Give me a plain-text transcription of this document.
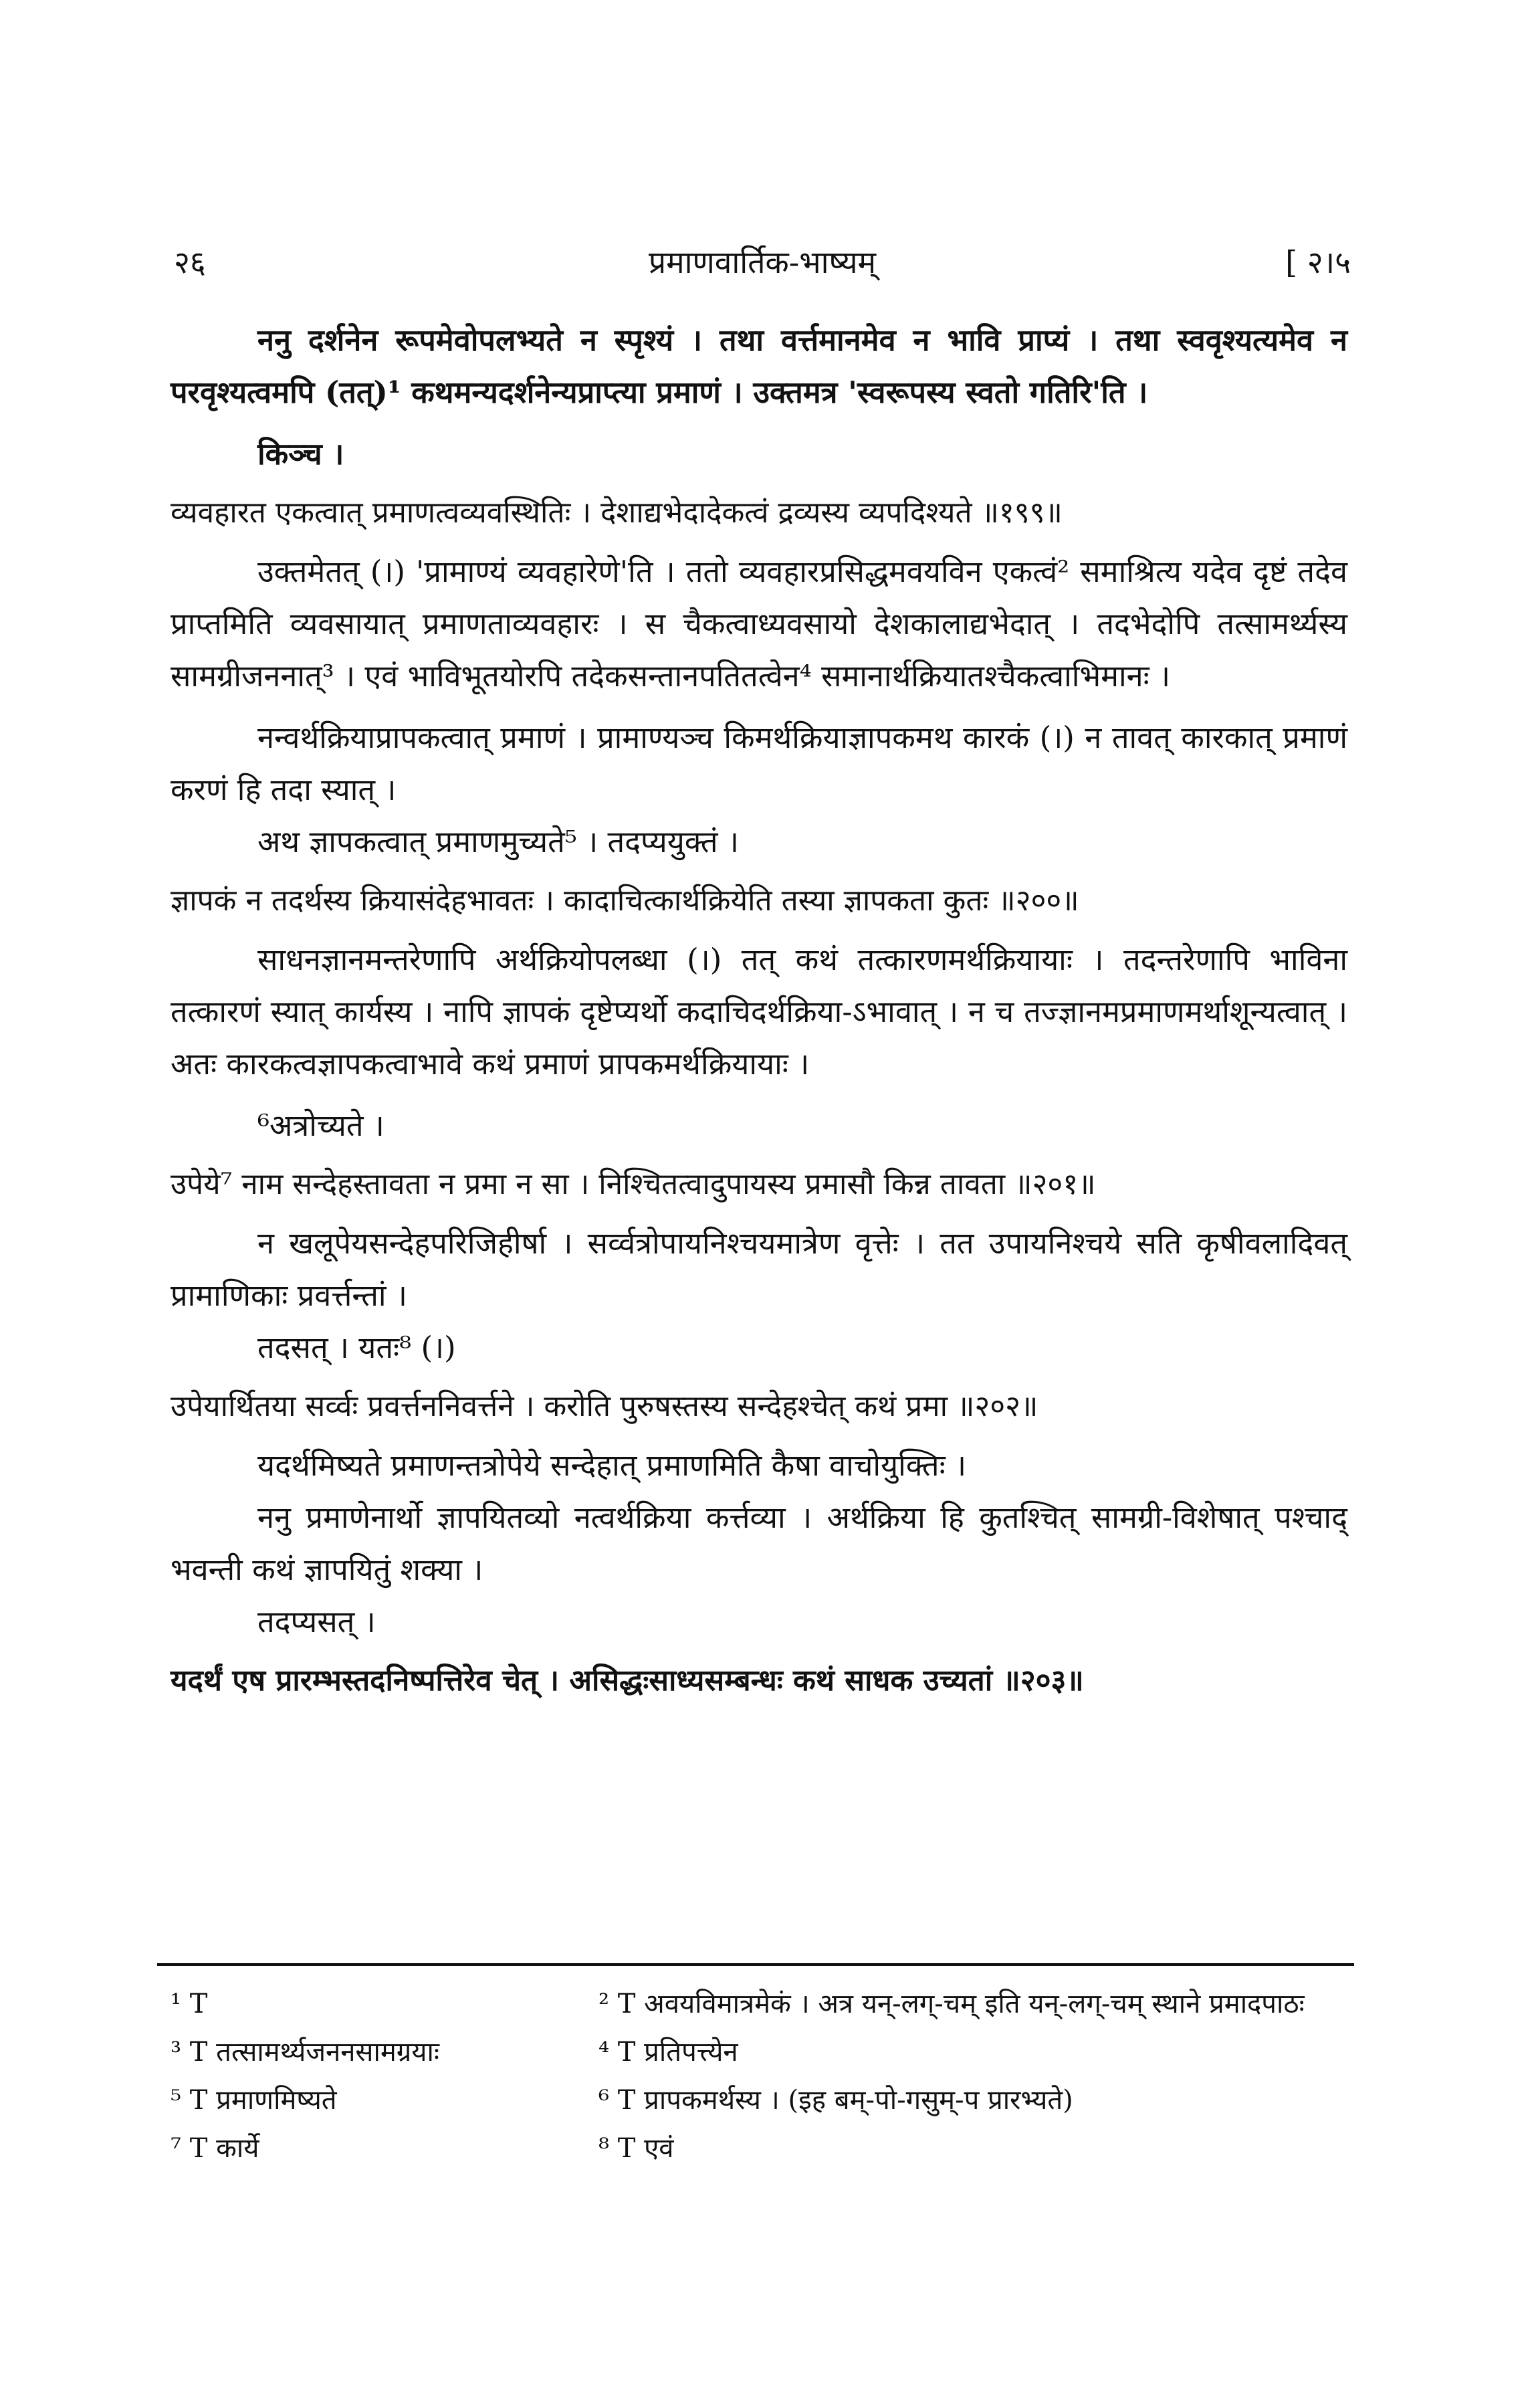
२६	प्रमाणवार्तिक-भाष्यम्	[ २।५

ननु दर्शनेन रूपमेवोपलभ्यते न स्पृश्यं । तथा वर्त्तमानमेव न भावि प्राप्यं । तथा स्ववृश्यत्यमेव न परवृश्यत्वमपि (तत्)¹ कथमन्यदर्शनेन्यप्राप्त्या प्रमाणं । उक्तमत्र 'स्वरूपस्य स्वतो गतिरि'ति ।

किञ्च ।

व्यवहारत एकत्वात् प्रमाणत्वव्यवस्थितिः । देशाद्यभेदादेकत्वं द्रव्यस्य व्यपदिश्यते ॥१९९॥

उक्तमेतत् (।) 'प्रामाण्यं व्यवहारेणे'ति । ततो व्यवहारप्रसिद्धमवयविन एकत्वं² समाश्रित्य यदेव दृष्टं तदेव प्राप्तमिति व्यवसायात् प्रमाणताव्यवहारः । स चैकत्वाध्यवसायो देशकालाद्यभेदात् । तदभेदोपि तत्सामर्थ्यस्य सामग्रीजननात्³ । एवं भाविभूतयोरपि तदेकसन्तानपतितत्वेन⁴ समानार्थक्रियातश्चैकत्वाभिमानः ।

नन्वर्थक्रियाप्रापकत्वात् प्रमाणं । प्रामाण्यञ्च किमर्थक्रियाज्ञापकमथ कारकं (।) न तावत् कारकात् प्रमाणं करणं हि तदा स्यात् ।

अथ ज्ञापकत्वात् प्रमाणमुच्यते⁵ । तदप्ययुक्तं ।

ज्ञापकं न तदर्थस्य क्रियासंदेहभावतः । कादाचित्कार्थक्रियेति तस्या ज्ञापकता कुतः ॥२००॥

साधनज्ञानमन्तरेणापि अर्थक्रियोपलब्धा (।) तत् कथं तत्कारणमर्थक्रियायाः । तदन्तरेणापि भाविना तत्कारणं स्यात् कार्यस्य । नापि ज्ञापकं दृष्टेप्यर्थो कदाचिदर्थक्रिया-ऽभावात् । न च तज्ज्ञानमप्रमाणमर्थाशून्यत्वात् । अतः कारकत्वज्ञापकत्वाभावे कथं प्रमाणं प्रापकमर्थक्रियायाः ।

⁶अत्रोच्यते ।

उपेये⁷ नाम सन्देहस्तावता न प्रमा न सा । निश्चितत्वादुपायस्य प्रमासौ किन्न तावता ॥२०१॥

न खलूपेयसन्देहपरिजिहीर्षा । सर्व्वत्रोपायनिश्चयमात्रेण वृत्तेः । तत उपायनिश्चये सति कृषीवलादिवत् प्रामाणिकाः प्रवर्त्तन्तां ।

तदसत् । यतः⁸ (।)

उपेयार्थितया सर्व्वः प्रवर्त्तननिवर्त्तने । करोति पुरुषस्तस्य सन्देहश्चेत् कथं प्रमा ॥२०२॥

यदर्थमिष्यते प्रमाणन्तत्रोपेये सन्देहात् प्रमाणमिति कैषा वाचोयुक्तिः ।

ननु प्रमाणेनार्थो ज्ञापयितव्यो नत्वर्थक्रिया कर्त्तव्या । अर्थक्रिया हि कुतश्चित् सामग्री-विशेषात् पश्चाद् भवन्ती कथं ज्ञापयितुं शक्या ।

तदप्यसत् ।

यदर्थं एष प्रारम्भस्तदनिष्पत्तिरेव चेत् । असिद्धःसाध्यसम्बन्धः कथं साधक उच्यतां ॥२०३॥

¹ T	² T अवयविमात्रमेकं । अत्र यन्-लग्-चम् इति यन्-लग्-चम् स्थाने प्रमादपाठः
³ T तत्सामर्थ्यजननसामग्रयाः	⁴ T प्रतिपत्त्येन
⁵ T प्रमाणमिष्यते	⁶ T प्रापकमर्थस्य । (इह बम्-पो-गसुम्-प प्रारभ्यते)
⁷ T कार्ये	⁸ T एवं
